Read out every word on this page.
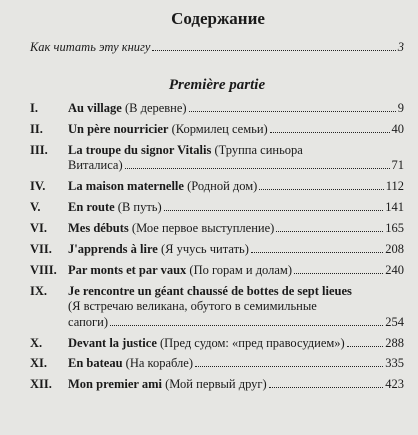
Содержание
Как читать эту книгу	3
Première partie
I.	Au village (В деревне)	9
II.	Un père nourricier (Кормилец семьи)	40
III.	La troupe du signor Vitalis (Труппа синьора
Виталиса)	71
IV.	La maison maternelle (Родной дом)	112
V.	En route (В путь)	141
VI.	Mes débuts (Мое первое выступление)	165
VII.	J'apprends à lire (Я учусь читать)	208
VIII. Par monts et par vaux (По горам и долам)	240
IX.	Je rencontre un géant chaussé de bottes de sept lieues
(Я встречаю великана, обутого в семимильные
сапоги)	254
X.	Devant la justice (Пред судом: «пред правосудием»)	288
XI.	En bateau (На корабле)	335
XII.	Mon premier ami (Мой первый друг)	423
